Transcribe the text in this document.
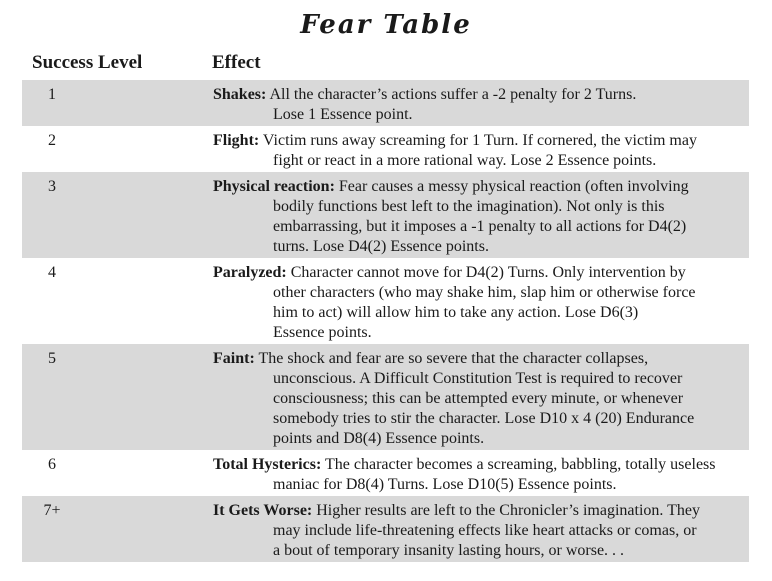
Fear Table
Success Level	Effect
1	Shakes: All the character’s actions suffer a -2 penalty for 2 Turns.
Lose 1 Essence point.
2	Flight: Victim runs away screaming for 1 Turn. If cornered, the victim may
fight or react in a more rational way. Lose 2 Essence points.
3	Physical reaction: Fear causes a messy physical reaction (often involving
bodily functions best left to the imagination). Not only is this
embarrassing, but it imposes a -1 penalty to all actions for D4(2)
turns. Lose D4(2) Essence points.
4	Paralyzed: Character cannot move for D4(2) Turns. Only intervention by
other characters (who may shake him, slap him or otherwise force
him to act) will allow him to take any action. Lose D6(3)
Essence points.
5	Faint: The shock and fear are so severe that the character collapses,
unconscious. A Difficult Constitution Test is required to recover
consciousness; this can be attempted every minute, or whenever
somebody tries to stir the character. Lose D10 x 4 (20) Endurance
points and D8(4) Essence points.
6	Total Hysterics: The character becomes a screaming, babbling, totally useless
maniac for D8(4) Turns. Lose D10(5) Essence points.
7+	It Gets Worse: Higher results are left to the Chronicler’s imagination. They
may include life-threatening effects like heart attacks or comas, or
a bout of temporary insanity lasting hours, or worse. . .
